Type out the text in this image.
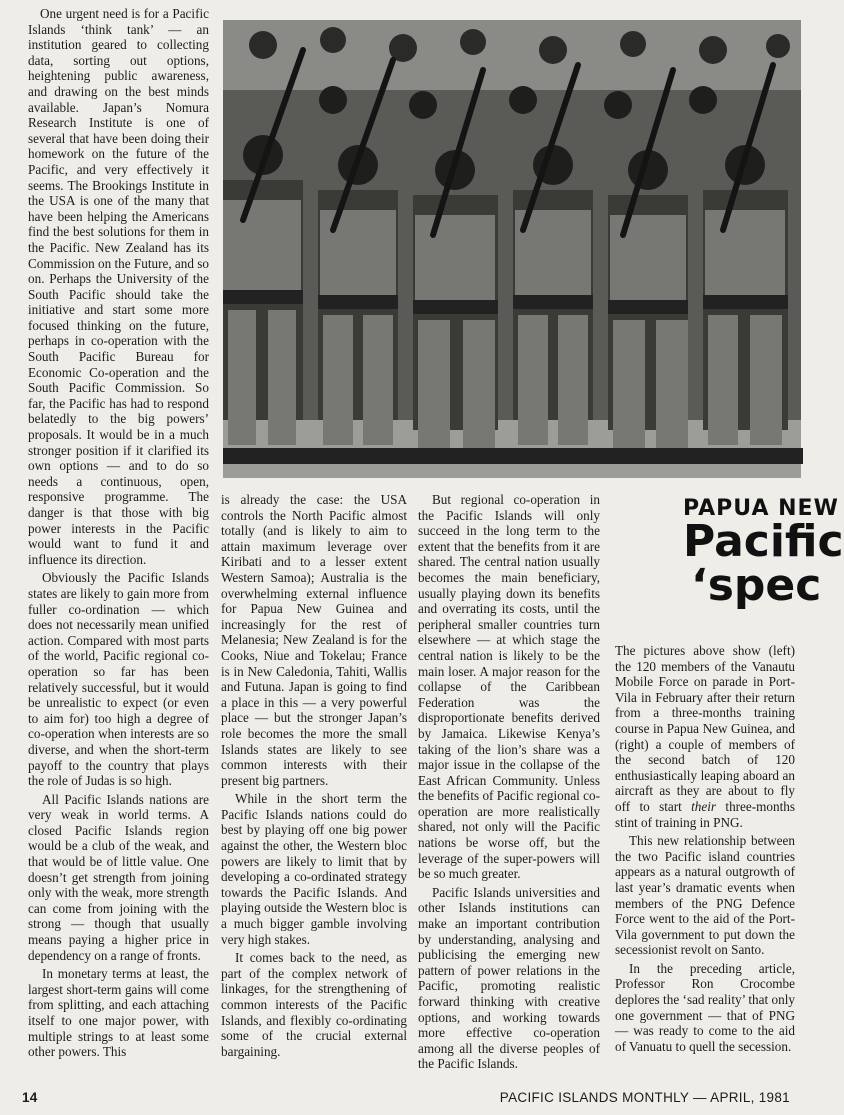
One urgent need is for a Pacific Islands ‘think tank’ — an institution geared to collecting data, sorting out options, heightening public awareness, and drawing on the best minds available. Japan’s Nomura Research Institute is one of several that have been doing their homework on the future of the Pacific, and very effectively it seems. The Brookings Institute in the USA is one of the many that have been helping the Americans find the best solutions for them in the Pacific. New Zealand has its Commission on the Future, and so on. Perhaps the University of the South Pacific should take the initiative and start some more focused thinking on the future, perhaps in co-operation with the South Pacific Bureau for Economic Co-operation and the South Pacific Commission. So far, the Pacific has had to respond belatedly to the big powers’ proposals. It would be in a much stronger position if it clarified its own options — and to do so needs a continuous, open, responsive programme. The danger is that those with big power interests in the Pacific would want to fund it and influence its direction.

Obviously the Pacific Islands states are likely to gain more from fuller co-ordination — which does not necessarily mean unified action. Compared with most parts of the world, Pacific regional co-operation so far has been relatively successful, but it would be unrealistic to expect (or even to aim for) too high a degree of co-operation when interests are so diverse, and when the short-term payoff to the country that plays the role of Judas is so high.

All Pacific Islands nations are very weak in world terms. A closed Pacific Islands region would be a club of the weak, and that would be of little value. One doesn’t get strength from joining only with the weak, more strength can come from joining with the strong — though that usually means paying a higher price in dependency on a range of fronts.

In monetary terms at least, the largest short-term gains will come from splitting, and each attaching itself to one major power, with multiple strings to at least some other powers. This

is already the case: the USA controls the North Pacific almost totally (and is likely to aim to attain maximum leverage over Kiribati and to a lesser extent Western Samoa); Australia is the overwhelming external influence for Papua New Guinea and increasingly for the rest of Melanesia; New Zealand is for the Cooks, Niue and Tokelau; France is in New Caledonia, Tahiti, Wallis and Futuna. Japan is going to find a place in this — a very powerful place — but the stronger Japan’s role becomes the more the small Islands states are likely to see common interests with their present big partners.

While in the short term the Pacific Islands nations could do best by playing off one big power against the other, the Western bloc powers are likely to limit that by developing a co-ordinated strategy towards the Pacific Islands. And playing outside the Western bloc is a much bigger gamble involving very high stakes.

It comes back to the need, as part of the complex network of linkages, for the strengthening of common interests of the Pacific Islands, and flexibly co-ordinating some of the crucial external bargaining.

But regional co-operation in the Pacific Islands will only succeed in the long term to the extent that the benefits from it are shared. The central nation usually becomes the main beneficiary, usually playing down its benefits and overrating its costs, until the peripheral smaller countries turn elsewhere — at which stage the central nation is likely to be the main loser. A major reason for the collapse of the Caribbean Federation was the disproportionate benefits derived by Jamaica. Likewise Kenya’s taking of the lion’s share was a major issue in the collapse of the East African Community. Unless the benefits of Pacific regional co-operation are more realistically shared, not only will the Pacific nations be worse off, but the leverage of the super-powers will be so much greater.

Pacific Islands universities and other Islands institutions can make an important contribution by understanding, analysing and publicising the emerging new pattern of power relations in the Pacific, promoting realistic forward thinking with creative options, and working towards more effective co-operation among all the diverse peoples of the Pacific Islands.

PAPUA NEW
Pacific
‘spec

The pictures above show (left) the 120 members of the Vanautu Mobile Force on parade in Port-Vila in February after their return from a three-months training course in Papua New Guinea, and (right) a couple of members of the second batch of 120 enthusiastically leaping aboard an aircraft as they are about to fly off to start their three-months stint of training in PNG.

This new relationship between the two Pacific island countries appears as a natural outgrowth of last year’s dramatic events when members of the PNG Defence Force went to the aid of the Port-Vila government to put down the secessionist revolt on Santo.

In the preceding article, Professor Ron Crocombe deplores the ‘sad reality’ that only one government — that of PNG — was ready to come to the aid of Vanuatu to quell the secession.

14	PACIFIC ISLANDS MONTHLY — APRIL, 1981
